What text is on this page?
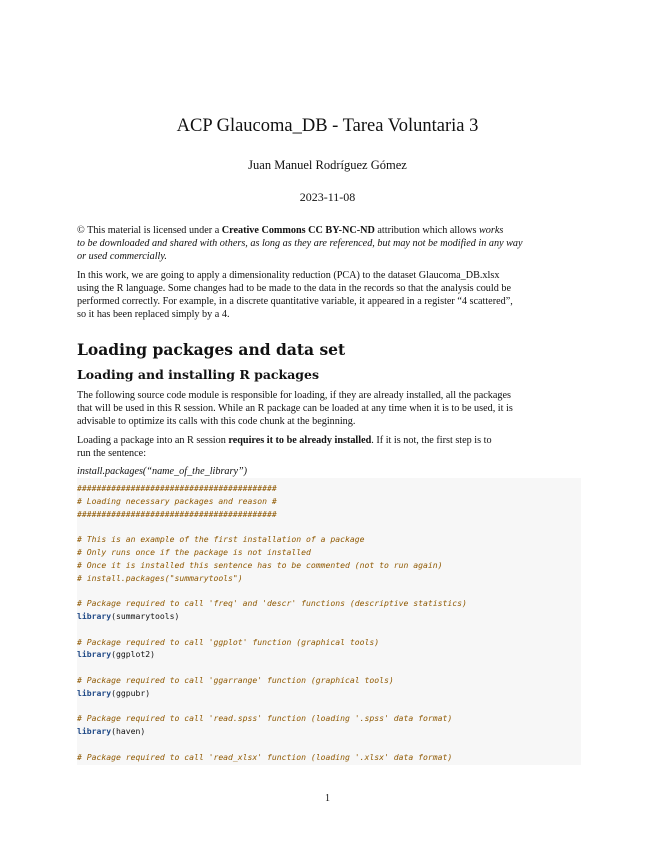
ACP Glaucoma_DB - Tarea Voluntaria 3
Juan Manuel Rodríguez Gómez
2023-11-08
© This material is licensed under a Creative Commons CC BY-NC-ND attribution which allows works
to be downloaded and shared with others, as long as they are referenced, but may not be modified in any way
or used commercially.
In this work, we are going to apply a dimensionality reduction (PCA) to the dataset Glaucoma_DB.xlsx
using the R language. Some changes had to be made to the data in the records so that the analysis could be
performed correctly. For example, in a discrete quantitative variable, it appeared in a register “4 scattered”,
so it has been replaced simply by a 4.
Loading packages and data set
Loading and installing R packages
The following source code module is responsible for loading, if they are already installed, all the packages
that will be used in this R session. While an R package can be loaded at any time when it is to be used, it is
advisable to optimize its calls with this code chunk at the beginning.
Loading a package into an R session requires it to be already installed. If it is not, the first step is to
run the sentence:
install.packages(“name_of_the_library”)
#########################################
# Loading necessary packages and reason #
#########################################
# This is an example of the first installation of a package
# Only runs once if the package is not installed
# Once it is installed this sentence has to be commented (not to run again)
# install.packages("summarytools")
# Package required to call 'freq' and 'descr' functions (descriptive statistics)
library(summarytools)
# Package required to call 'ggplot' function (graphical tools)
library(ggplot2)
# Package required to call 'ggarrange' function (graphical tools)
library(ggpubr)
# Package required to call 'read.spss' function (loading '.spss' data format)
library(haven)
# Package required to call 'read_xlsx' function (loading '.xlsx' data format)
1
